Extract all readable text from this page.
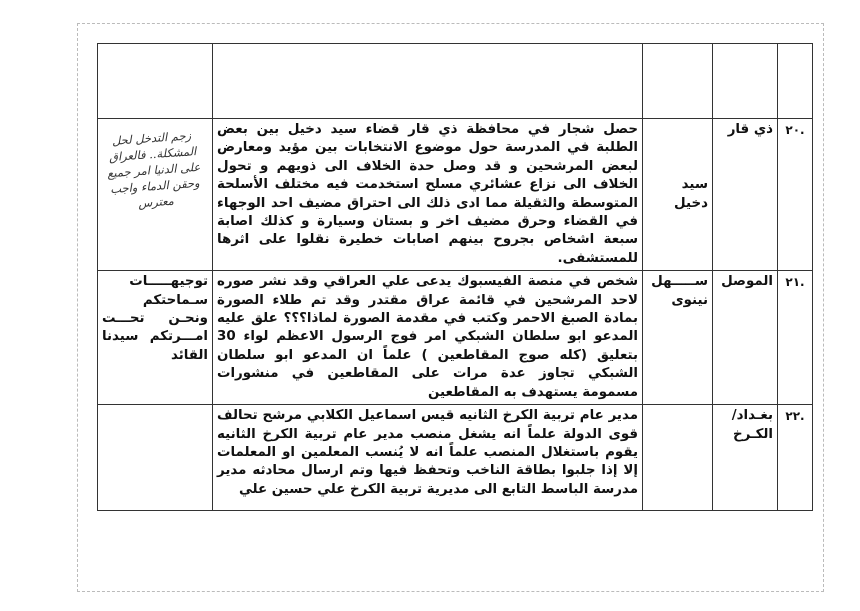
.٢٠	ذي قار	سيد دخيل	حصل شجار في محافظة ذي قار قضاء سيد دخيل بين بعض الطلبة في المدرسة حول موضوع الانتخابات بين مؤيد ومعارض لبعض المرشحين و قد وصل حدة الخلاف الى ذويهم و تحول الخلاف الى نزاع عشائري مسلح استخدمت فيه مختلف الأسلحة المتوسطة والثقيلة مما ادى ذلك الى احتراق مضيف احد الوجهاء في القضاء وحرق مضيف اخر و بستان وسيارة و كذلك اصابة سبعة اشخاص بجروح بينهم اصابات خطيرة نقلوا على اثرها للمستشفى.	زجم التدخل لحل المشكلة.. فالعراق على الدنيا امر جميع وحقن الدماء واجب معترس
.٢١	الموصل	ســـــهل نينوى	شخص في منصة الفيسبوك يدعى علي العراقي وقد نشر صوره لاحد المرشحين في قائمة عراق مقتدر وقد تم طلاء الصورة بمادة الصبغ الاحمر وكتب في مقدمة الصورة لماذا؟؟؟ علق عليه المدعو ابو سلطان الشبكي امر فوج الرسول الاعظم لواء 30 بتعليق (كله صوج المقاطعين ) علماً ان المدعو ابو سلطان الشبكي تجاوز عدة مرات على المقاطعين في منشورات مسمومة يستهدف به المقاطعين	توجيهـــــات سـماحتكم ونحـن تحـــت امـــرتكم سيدنا القائد
.٢٢	بغـداد/الكـرخ		مدير عام تربية الكرخ الثانيه قيس اسماعيل الكلابي مرشح تحالف قوى الدولة علماً انه يشغل منصب مدير عام تربية الكرخ الثانيه يقوم باستغلال المنصب علماً انه لا يُنسب المعلمين او المعلمات إلا إذا جلبوا بطاقة الناخب وتحفظ فيها وتم ارسال محادثه مدير مدرسة الباسط التابع الى مديرية تربية الكرخ علي حسين علي	
